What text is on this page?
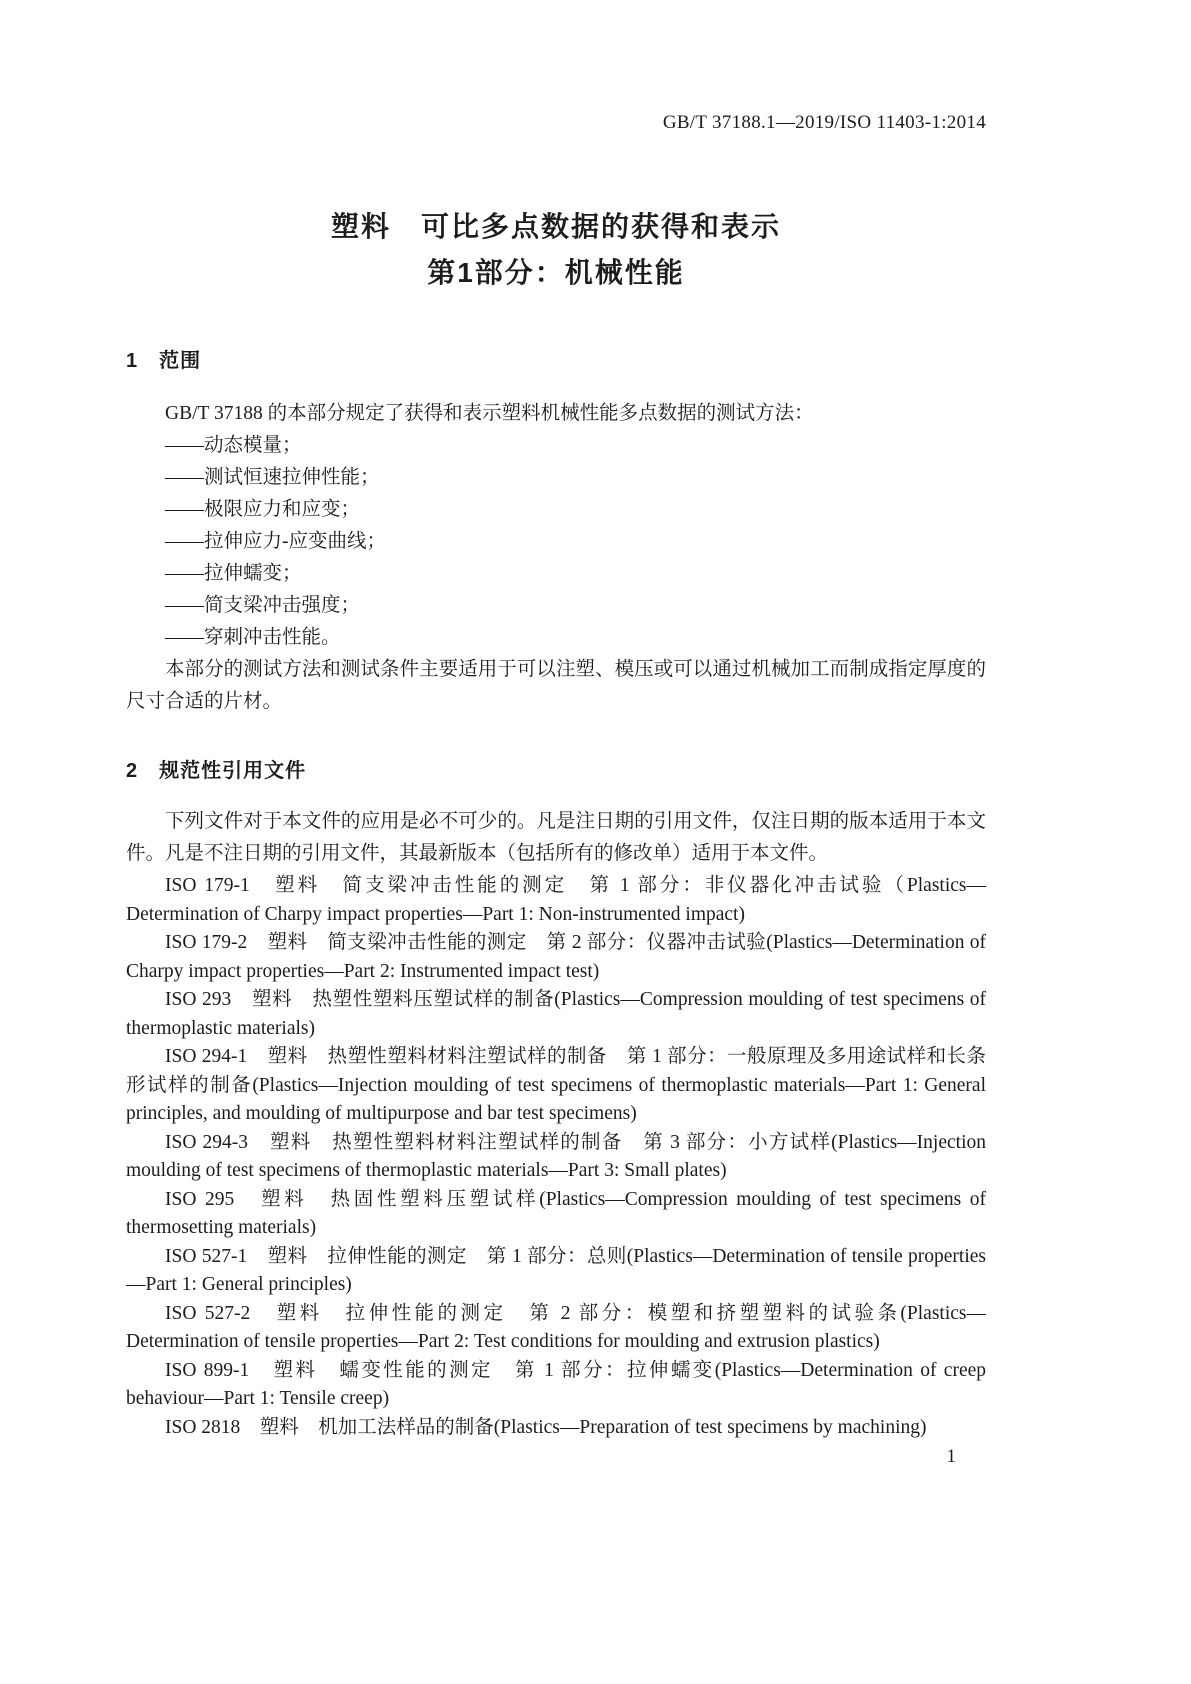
GB/T 37188.1—2019/ISO 11403-1:2014
塑料　可比多点数据的获得和表示
第1部分：机械性能
1　范围

GB/T 37188 的本部分规定了获得和表示塑料机械性能多点数据的测试方法：

——动态模量；
——测试恒速拉伸性能；
——极限应力和应变；
——拉伸应力-应变曲线；
——拉伸蠕变；
——简支梁冲击强度；
——穿刺冲击性能。

本部分的测试方法和测试条件主要适用于可以注塑、模压或可以通过机械加工而制成指定厚度的尺寸合适的片材。

2　规范性引用文件

下列文件对于本文件的应用是必不可少的。凡是注日期的引用文件，仅注日期的版本适用于本文件。凡是不注日期的引用文件，其最新版本（包括所有的修改单）适用于本文件。

ISO 179-1　塑料　简支梁冲击性能的测定　第 1 部分：非仪器化冲击试验（Plastics—Determination of Charpy impact properties—Part 1: Non-instrumented impact)

ISO 179-2　塑料　简支梁冲击性能的测定　第 2 部分：仪器冲击试验(Plastics—Determination of Charpy impact properties—Part 2: Instrumented impact test)

ISO 293　塑料　热塑性塑料压塑试样的制备(Plastics—Compression moulding of test specimens of thermoplastic materials)

ISO 294-1　塑料　热塑性塑料材料注塑试样的制备　第 1 部分：一般原理及多用途试样和长条形试样的制备(Plastics—Injection moulding of test specimens of thermoplastic materials—Part 1: General principles, and moulding of multipurpose and bar test specimens)

ISO 294-3　塑料　热塑性塑料材料注塑试样的制备　第 3 部分：小方试样(Plastics—Injection moulding of test specimens of thermoplastic materials—Part 3: Small plates)

ISO 295　塑料　热固性塑料压塑试样(Plastics—Compression moulding of test specimens of thermosetting materials)

ISO 527-1　塑料　拉伸性能的测定　第 1 部分：总则(Plastics—Determination of tensile properties—Part 1: General principles)

ISO 527-2　塑料　拉伸性能的测定　第 2 部分：模塑和挤塑塑料的试验条(Plastics—Determination of tensile properties—Part 2: Test conditions for moulding and extrusion plastics)

ISO 899-1　塑料　蠕变性能的测定　第 1 部分：拉伸蠕变(Plastics—Determination of creep behaviour—Part 1: Tensile creep)

ISO 2818　塑料　机加工法样品的制备(Plastics—Preparation of test specimens by machining)

1
